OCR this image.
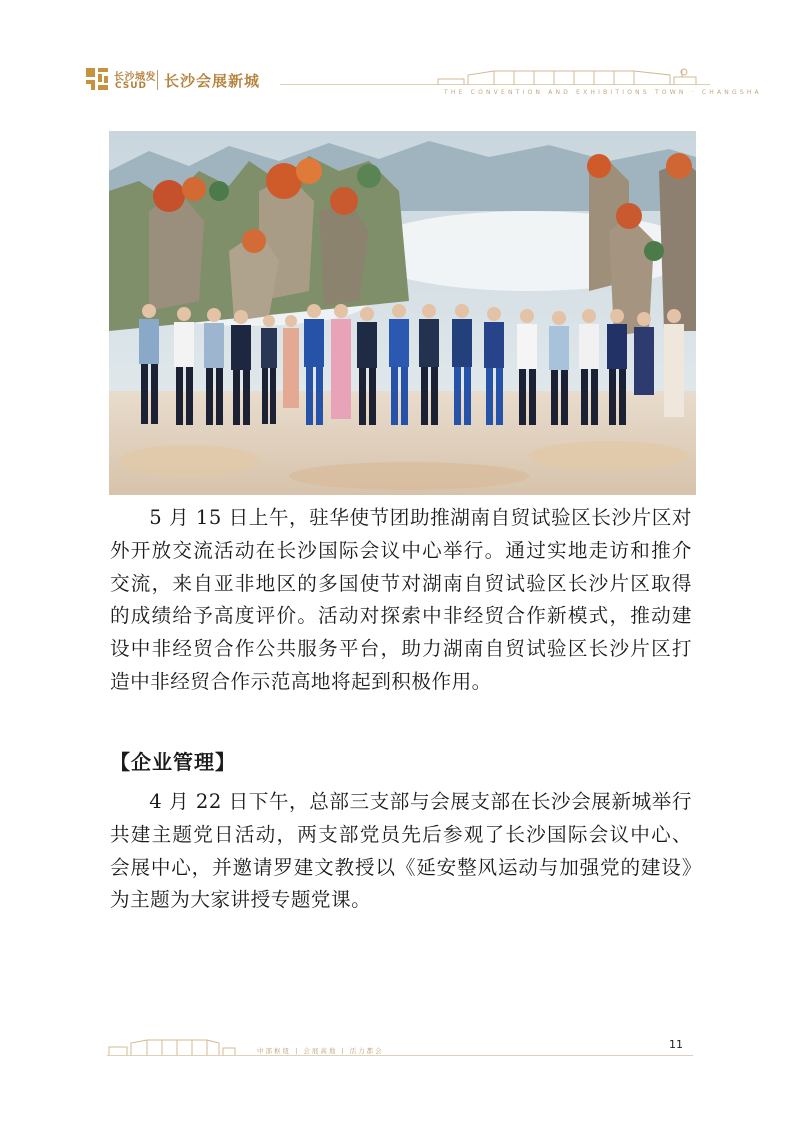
长沙城发
CSUD 长沙会展新城
THE CONVENTION AND EXHIBITIONS TOWN · CHANGSHA

5 月 15 日上午，驻华使节团助推湖南自贸试验区长沙片区对外开放交流活动在长沙国际会议中心举行。通过实地走访和推介交流，来自亚非地区的多国使节对湖南自贸试验区长沙片区取得的成绩给予高度评价。活动对探索中非经贸合作新模式，推动建设中非经贸合作公共服务平台，助力湖南自贸试验区长沙片区打造中非经贸合作示范高地将起到积极作用。

【企业管理】

4 月 22 日下午，总部三支部与会展支部在长沙会展新城举行共建主题党日活动，两支部党员先后参观了长沙国际会议中心、会展中心，并邀请罗建文教授以《延安整风运动与加强党的建设》为主题为大家讲授专题党课。

中部枢纽 | 会展高地 | 活力都会	11
